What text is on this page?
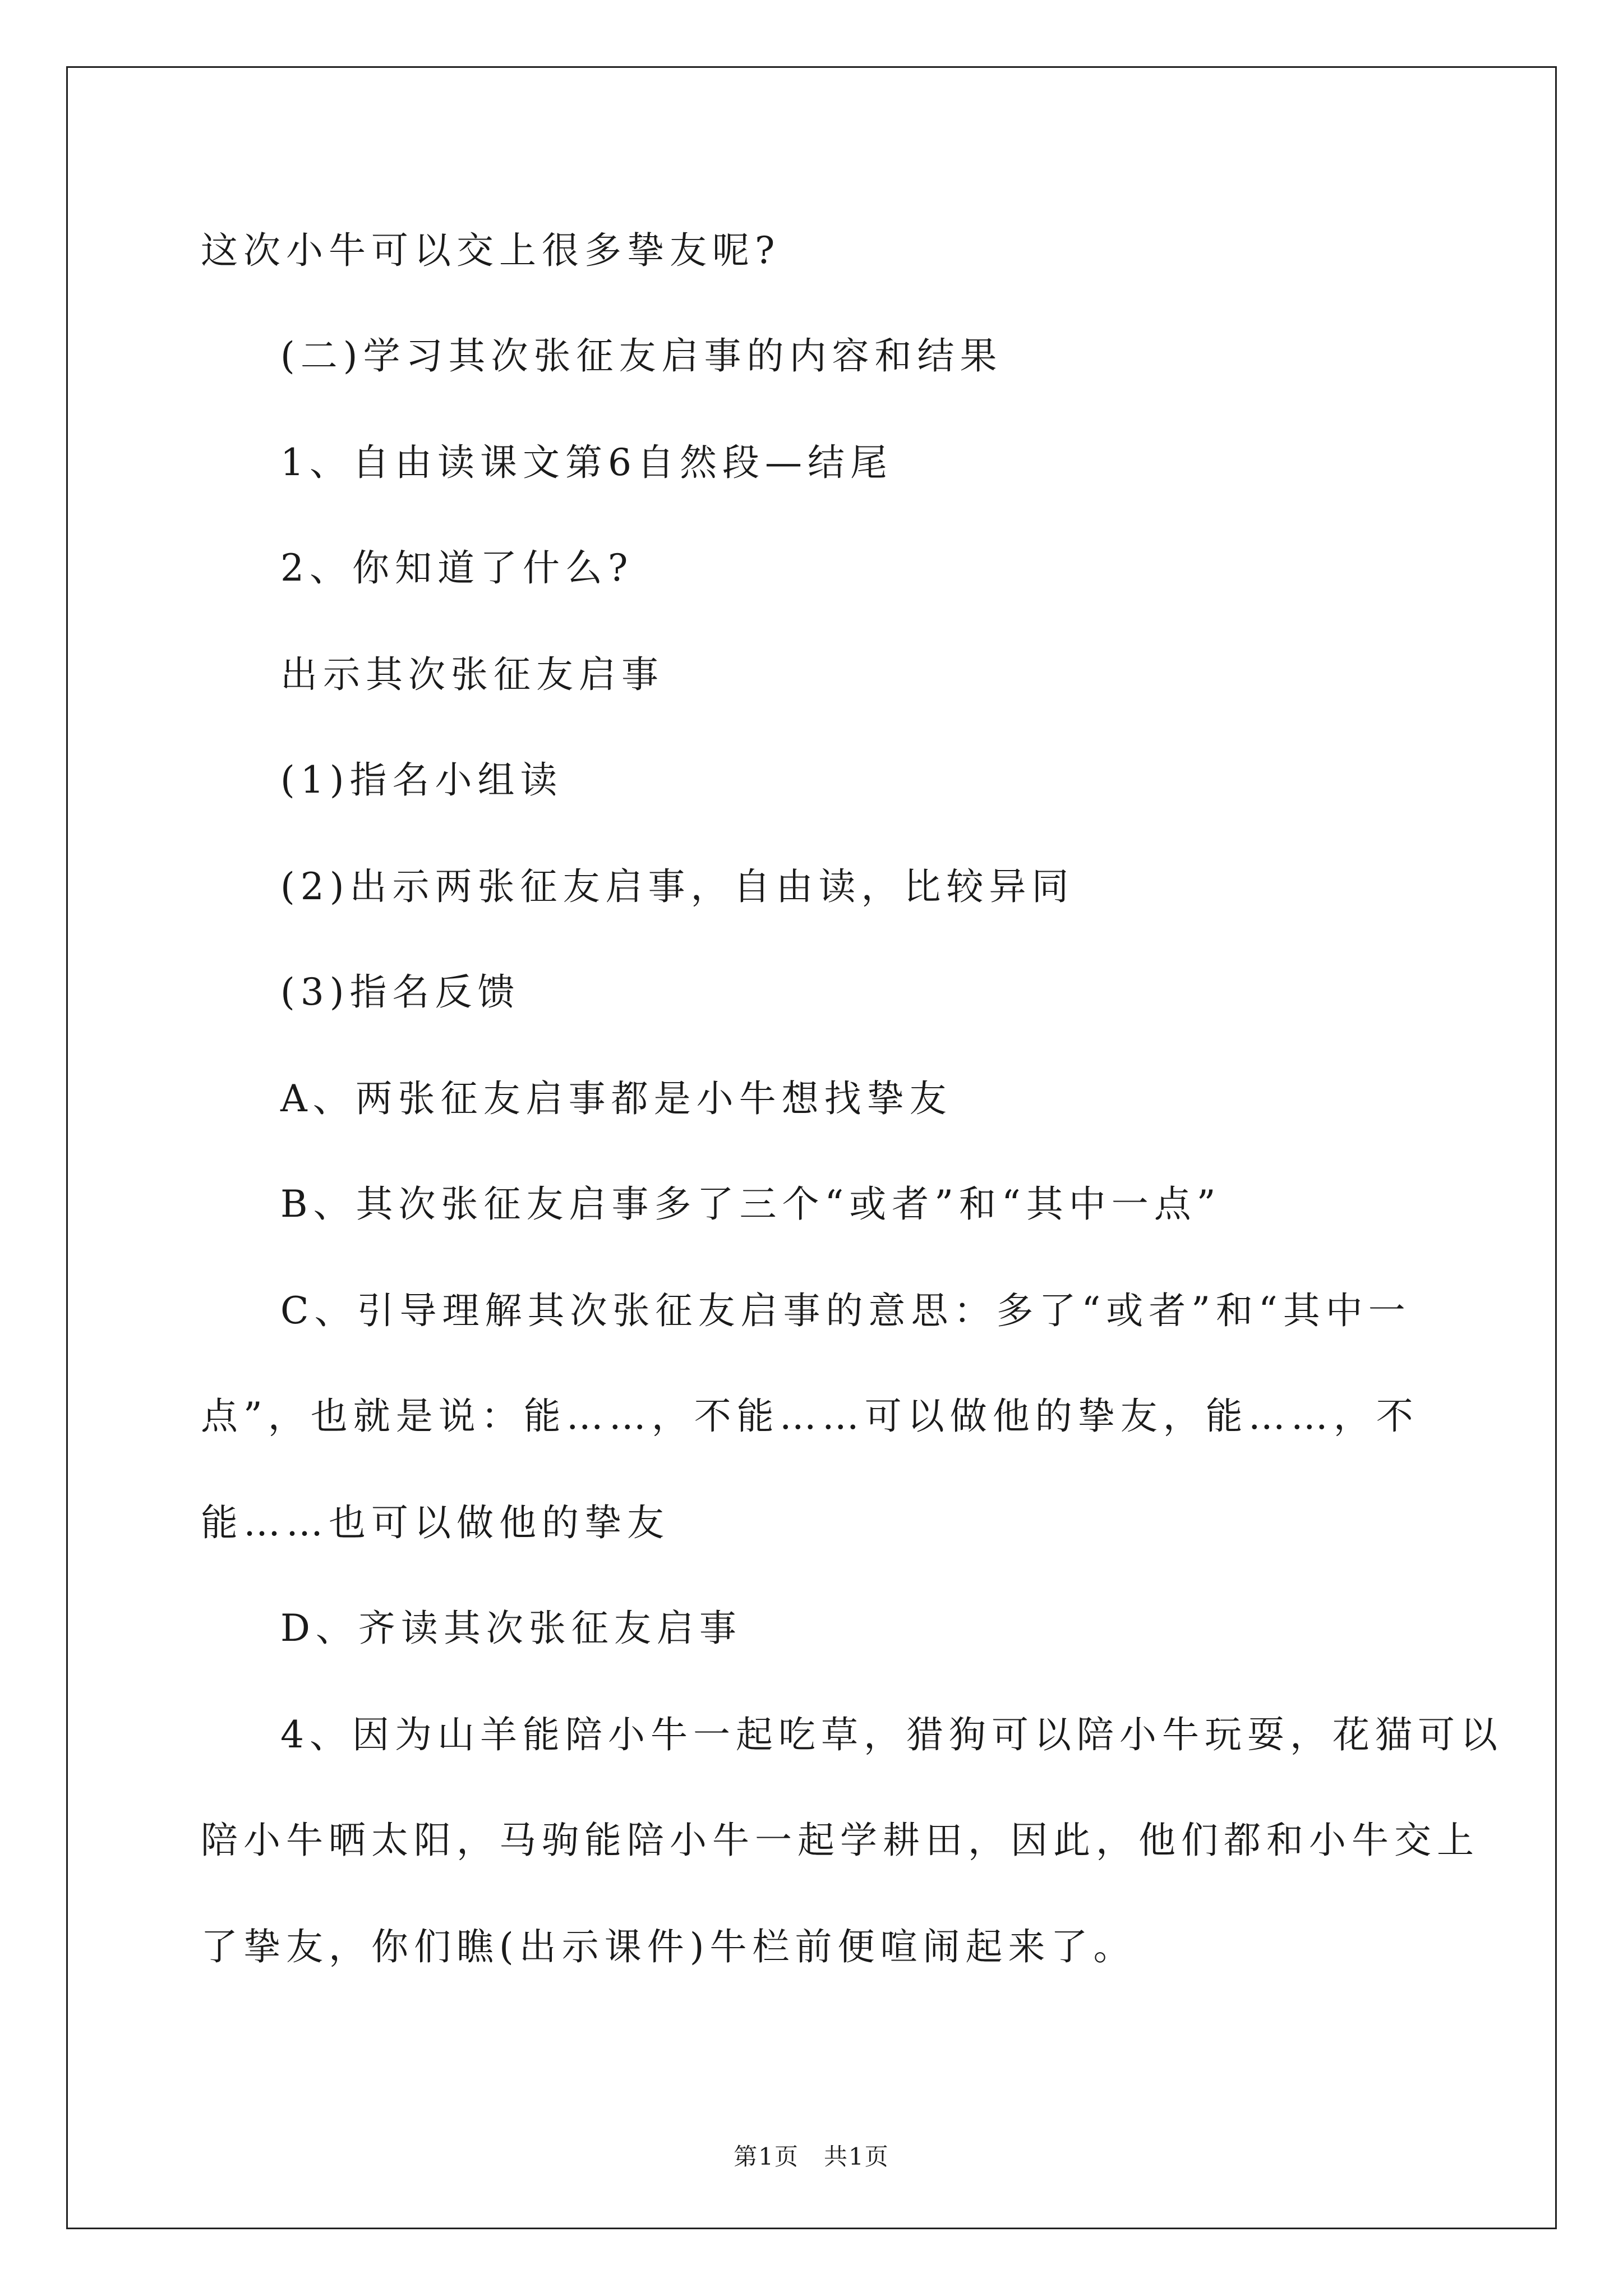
这次小牛可以交上很多挚友呢?
(二)学习其次张征友启事的内容和结果
1、自由读课文第6自然段—结尾
2、你知道了什么?
出示其次张征友启事
(1)指名小组读
(2)出示两张征友启事，自由读，比较异同
(3)指名反馈
A、两张征友启事都是小牛想找挚友
B、其次张征友启事多了三个“或者”和“其中一点”
C、引导理解其次张征友启事的意思：多了“或者”和“其中一
点”，也就是说：能……，不能……可以做他的挚友，能……，不
能……也可以做他的挚友
D、齐读其次张征友启事
4、因为山羊能陪小牛一起吃草，猎狗可以陪小牛玩耍，花猫可以
陪小牛晒太阳，马驹能陪小牛一起学耕田，因此，他们都和小牛交上
了挚友，你们瞧(出示课件)牛栏前便喧闹起来了。
第1页　共1页
